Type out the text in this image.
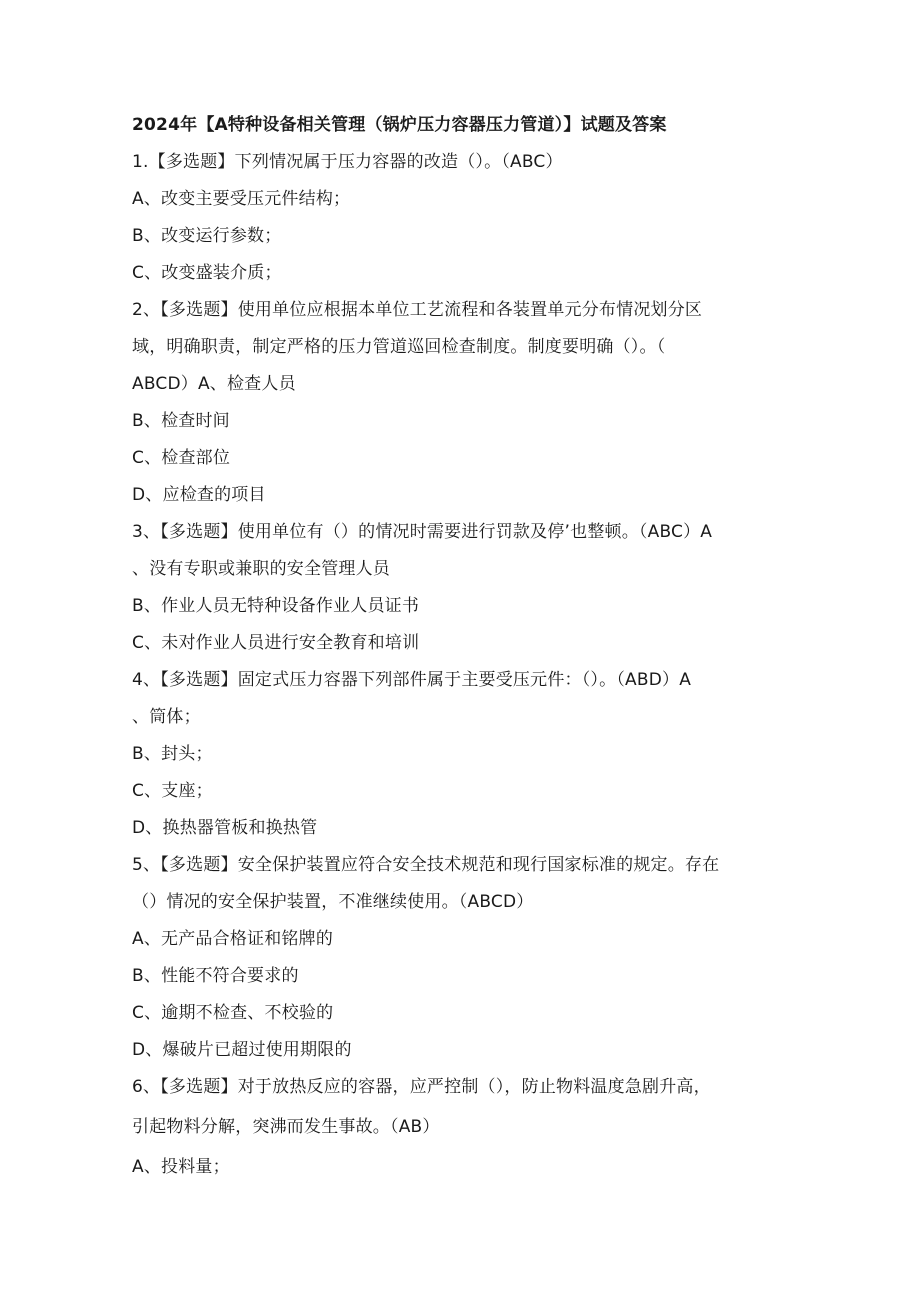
2024年【A特种设备相关管理（锅炉压力容器压力管道）】试题及答案
1.【多选题】下列情况属于压力容器的改造（）。（ABC）
A、改变主要受压元件结构；
B、改变运行参数；
C、改变盛装介质；
2、【多选题】使用单位应根据本单位工艺流程和各装置单元分布情况划分区
域，明确职责，制定严格的压力管道巡回检查制度。制度要明确（）。（
ABCD）A、检查人员
B、检查时间
C、检查部位
D、应检查的项目
3、【多选题】使用单位有（）的情况时需要进行罚款及停’也整顿。（ABC）A
、没有专职或兼职的安全管理人员
B、作业人员无特种设备作业人员证书
C、未对作业人员进行安全教育和培训
4、【多选题】固定式压力容器下列部件属于主要受压元件：（）。（ABD）A
、筒体；
B、封头；
C、支座；
D、换热器管板和换热管
5、【多选题】安全保护装置应符合安全技术规范和现行国家标准的规定。存在
（）情况的安全保护装置，不准继续使用。（ABCD）
A、无产品合格证和铭牌的
B、性能不符合要求的
C、逾期不检查、不校验的
D、爆破片已超过使用期限的
6、【多选题】对于放热反应的容器，应严控制（），防止物料温度急剧升高，
引起物料分解，突沸而发生事故。（AB）
A、投料量；
